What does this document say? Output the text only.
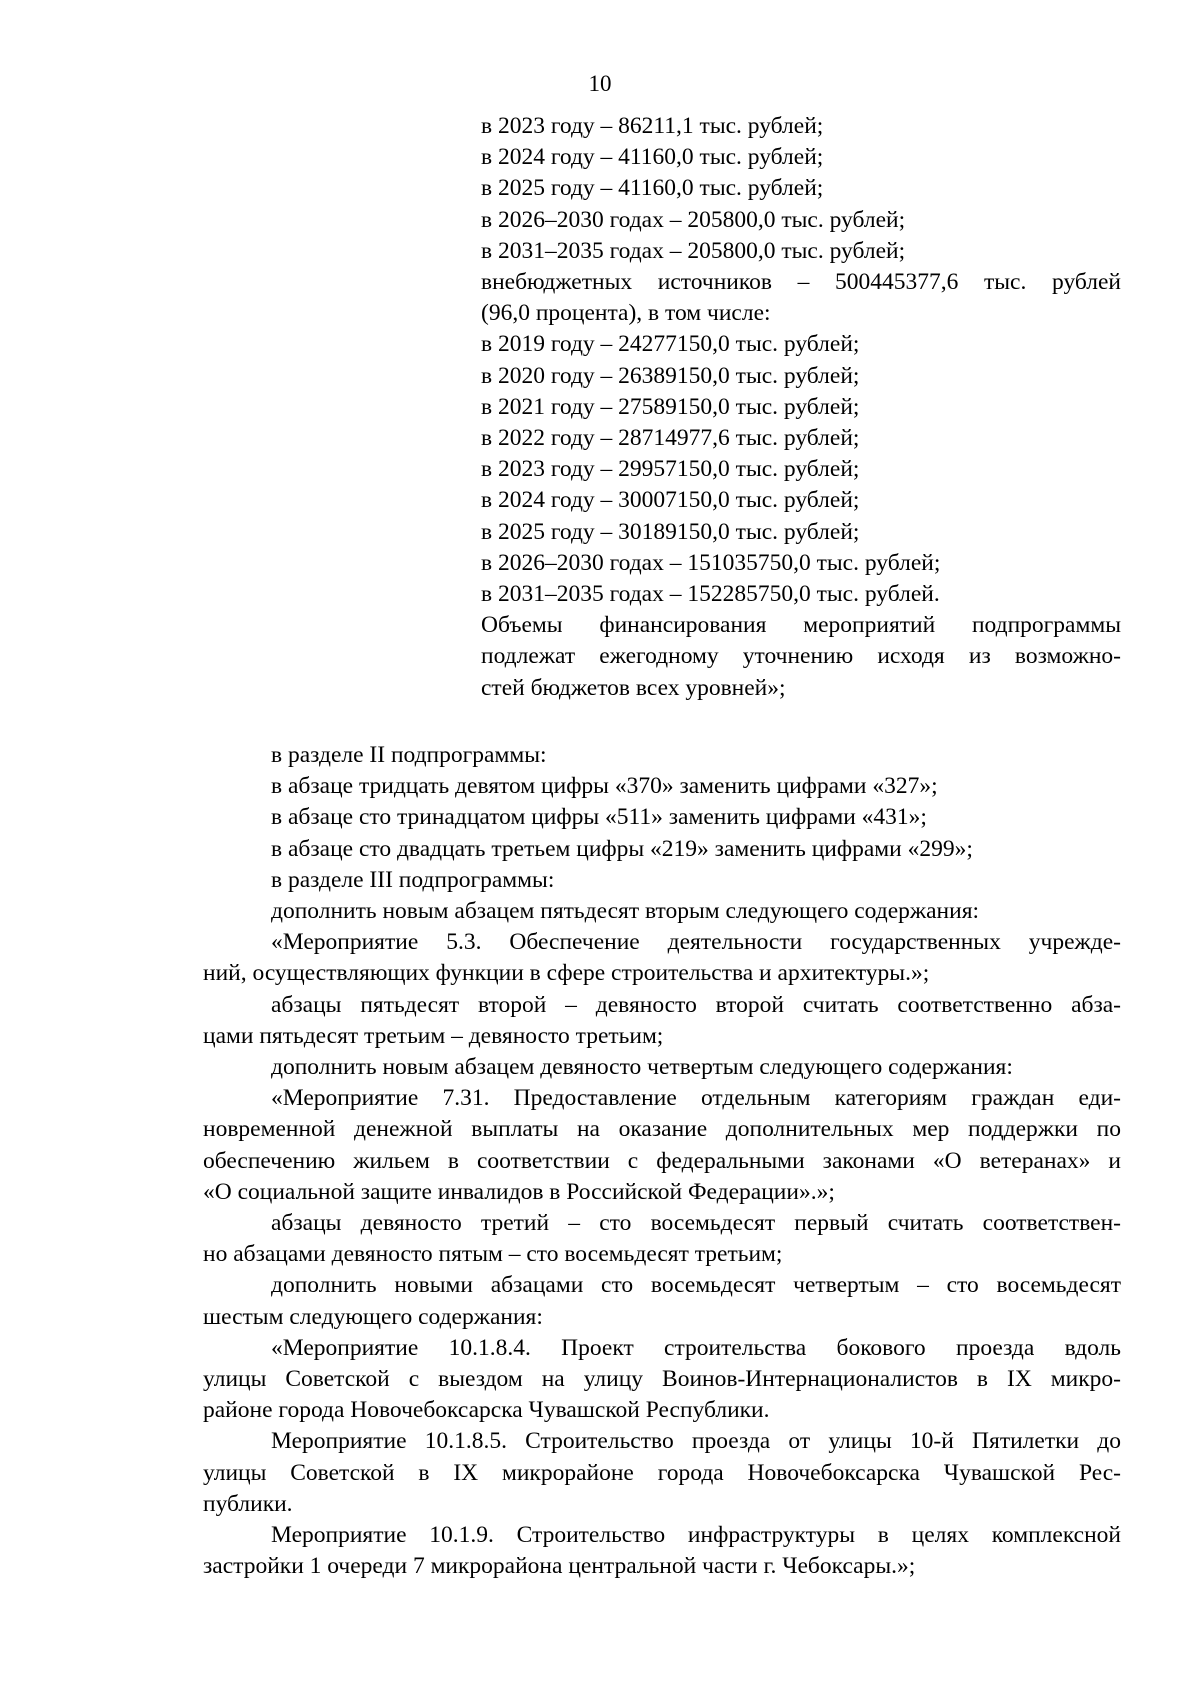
10
в 2023 году – 86211,1 тыс. рублей;
в 2024 году – 41160,0 тыс. рублей;
в 2025 году – 41160,0 тыс. рублей;
в 2026–2030 годах – 205800,0 тыс. рублей;
в 2031–2035 годах – 205800,0 тыс. рублей;
внебюджетных источников – 500445377,6 тыс. рублей
(96,0 процента), в том числе:
в 2019 году – 24277150,0 тыс. рублей;
в 2020 году – 26389150,0 тыс. рублей;
в 2021 году – 27589150,0 тыс. рублей;
в 2022 году – 28714977,6 тыс. рублей;
в 2023 году – 29957150,0 тыс. рублей;
в 2024 году – 30007150,0 тыс. рублей;
в 2025 году – 30189150,0 тыс. рублей;
в 2026–2030 годах – 151035750,0 тыс. рублей;
в 2031–2035 годах – 152285750,0 тыс. рублей.
Объемы финансирования мероприятий подпрограммы
подлежат ежегодному уточнению исходя из возможно-
стей бюджетов всех уровней»;
в разделе II подпрограммы:
в абзаце тридцать девятом цифры «370» заменить цифрами «327»;
в абзаце сто тринадцатом цифры «511» заменить цифрами «431»;
в абзаце сто двадцать третьем цифры «219» заменить цифрами «299»;
в разделе III подпрограммы:
дополнить новым абзацем пятьдесят вторым следующего содержания:
«Мероприятие 5.3. Обеспечение деятельности государственных учрежде-
ний, осуществляющих функции в сфере строительства и архитектуры.»;
абзацы пятьдесят второй – девяносто второй считать соответственно абза-
цами пятьдесят третьим – девяносто третьим;
дополнить новым абзацем девяносто четвертым следующего содержания:
«Мероприятие 7.31. Предоставление отдельным категориям граждан еди-
новременной денежной выплаты на оказание дополнительных мер поддержки по
обеспечению жильем в соответствии с федеральными законами «О ветеранах» и
«О социальной защите инвалидов в Российской Федерации».»;
абзацы девяносто третий – сто восемьдесят первый считать соответствен-
но абзацами девяносто пятым – сто восемьдесят третьим;
дополнить новыми абзацами сто восемьдесят четвертым – сто восемьдесят
шестым следующего содержания:
«Мероприятие 10.1.8.4. Проект строительства бокового проезда вдоль
улицы Советской с выездом на улицу Воинов-Интернационалистов в IX микро-
районе города Новочебоксарска Чувашской Республики.
Мероприятие 10.1.8.5. Строительство проезда от улицы 10-й Пятилетки до
улицы Советской в IX микрорайоне города Новочебоксарска Чувашской Рес-
публики.
Мероприятие 10.1.9. Строительство инфраструктуры в целях комплексной
застройки 1 очереди 7 микрорайона центральной части г. Чебоксары.»;
